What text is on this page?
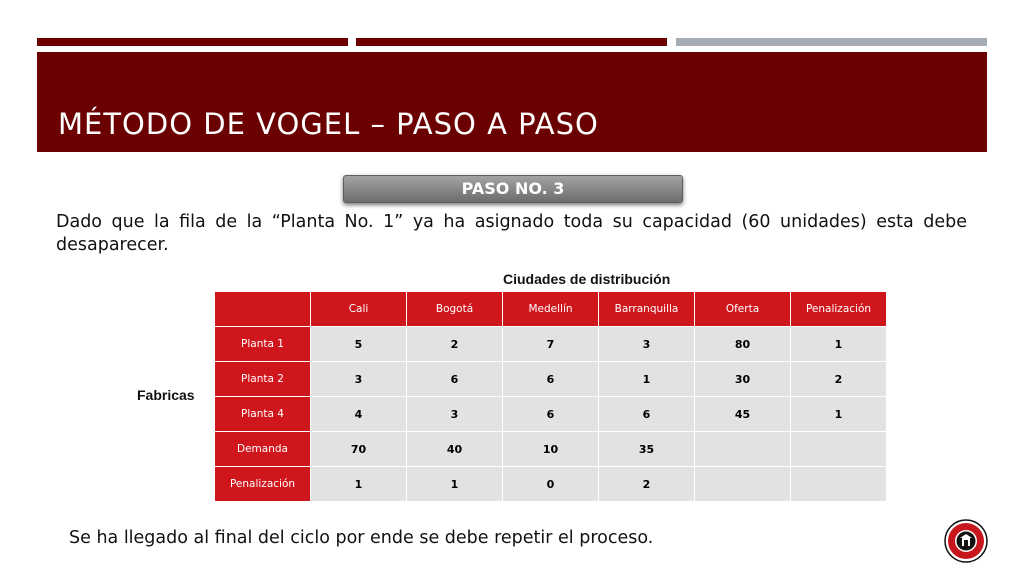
MÉTODO DE VOGEL – PASO A PASO
PASO NO. 3
Dado que la fila de la “Planta No. 1” ya ha asignado toda su capacidad (60 unidades) esta debe desaparecer.
Ciudades de distribución
Fabricas
	Cali	Bogotá	Medellín	Barranquilla	Oferta	Penalización
Planta 1	5	2	7	3	80	1
Planta 2	3	6	6	1	30	2
Planta 4	4	3	6	6	45	1
Demanda	70	40	10	35		
Penalización	1	1	0	2		
Se ha llegado al final del ciclo por ende se debe repetir el proceso.
